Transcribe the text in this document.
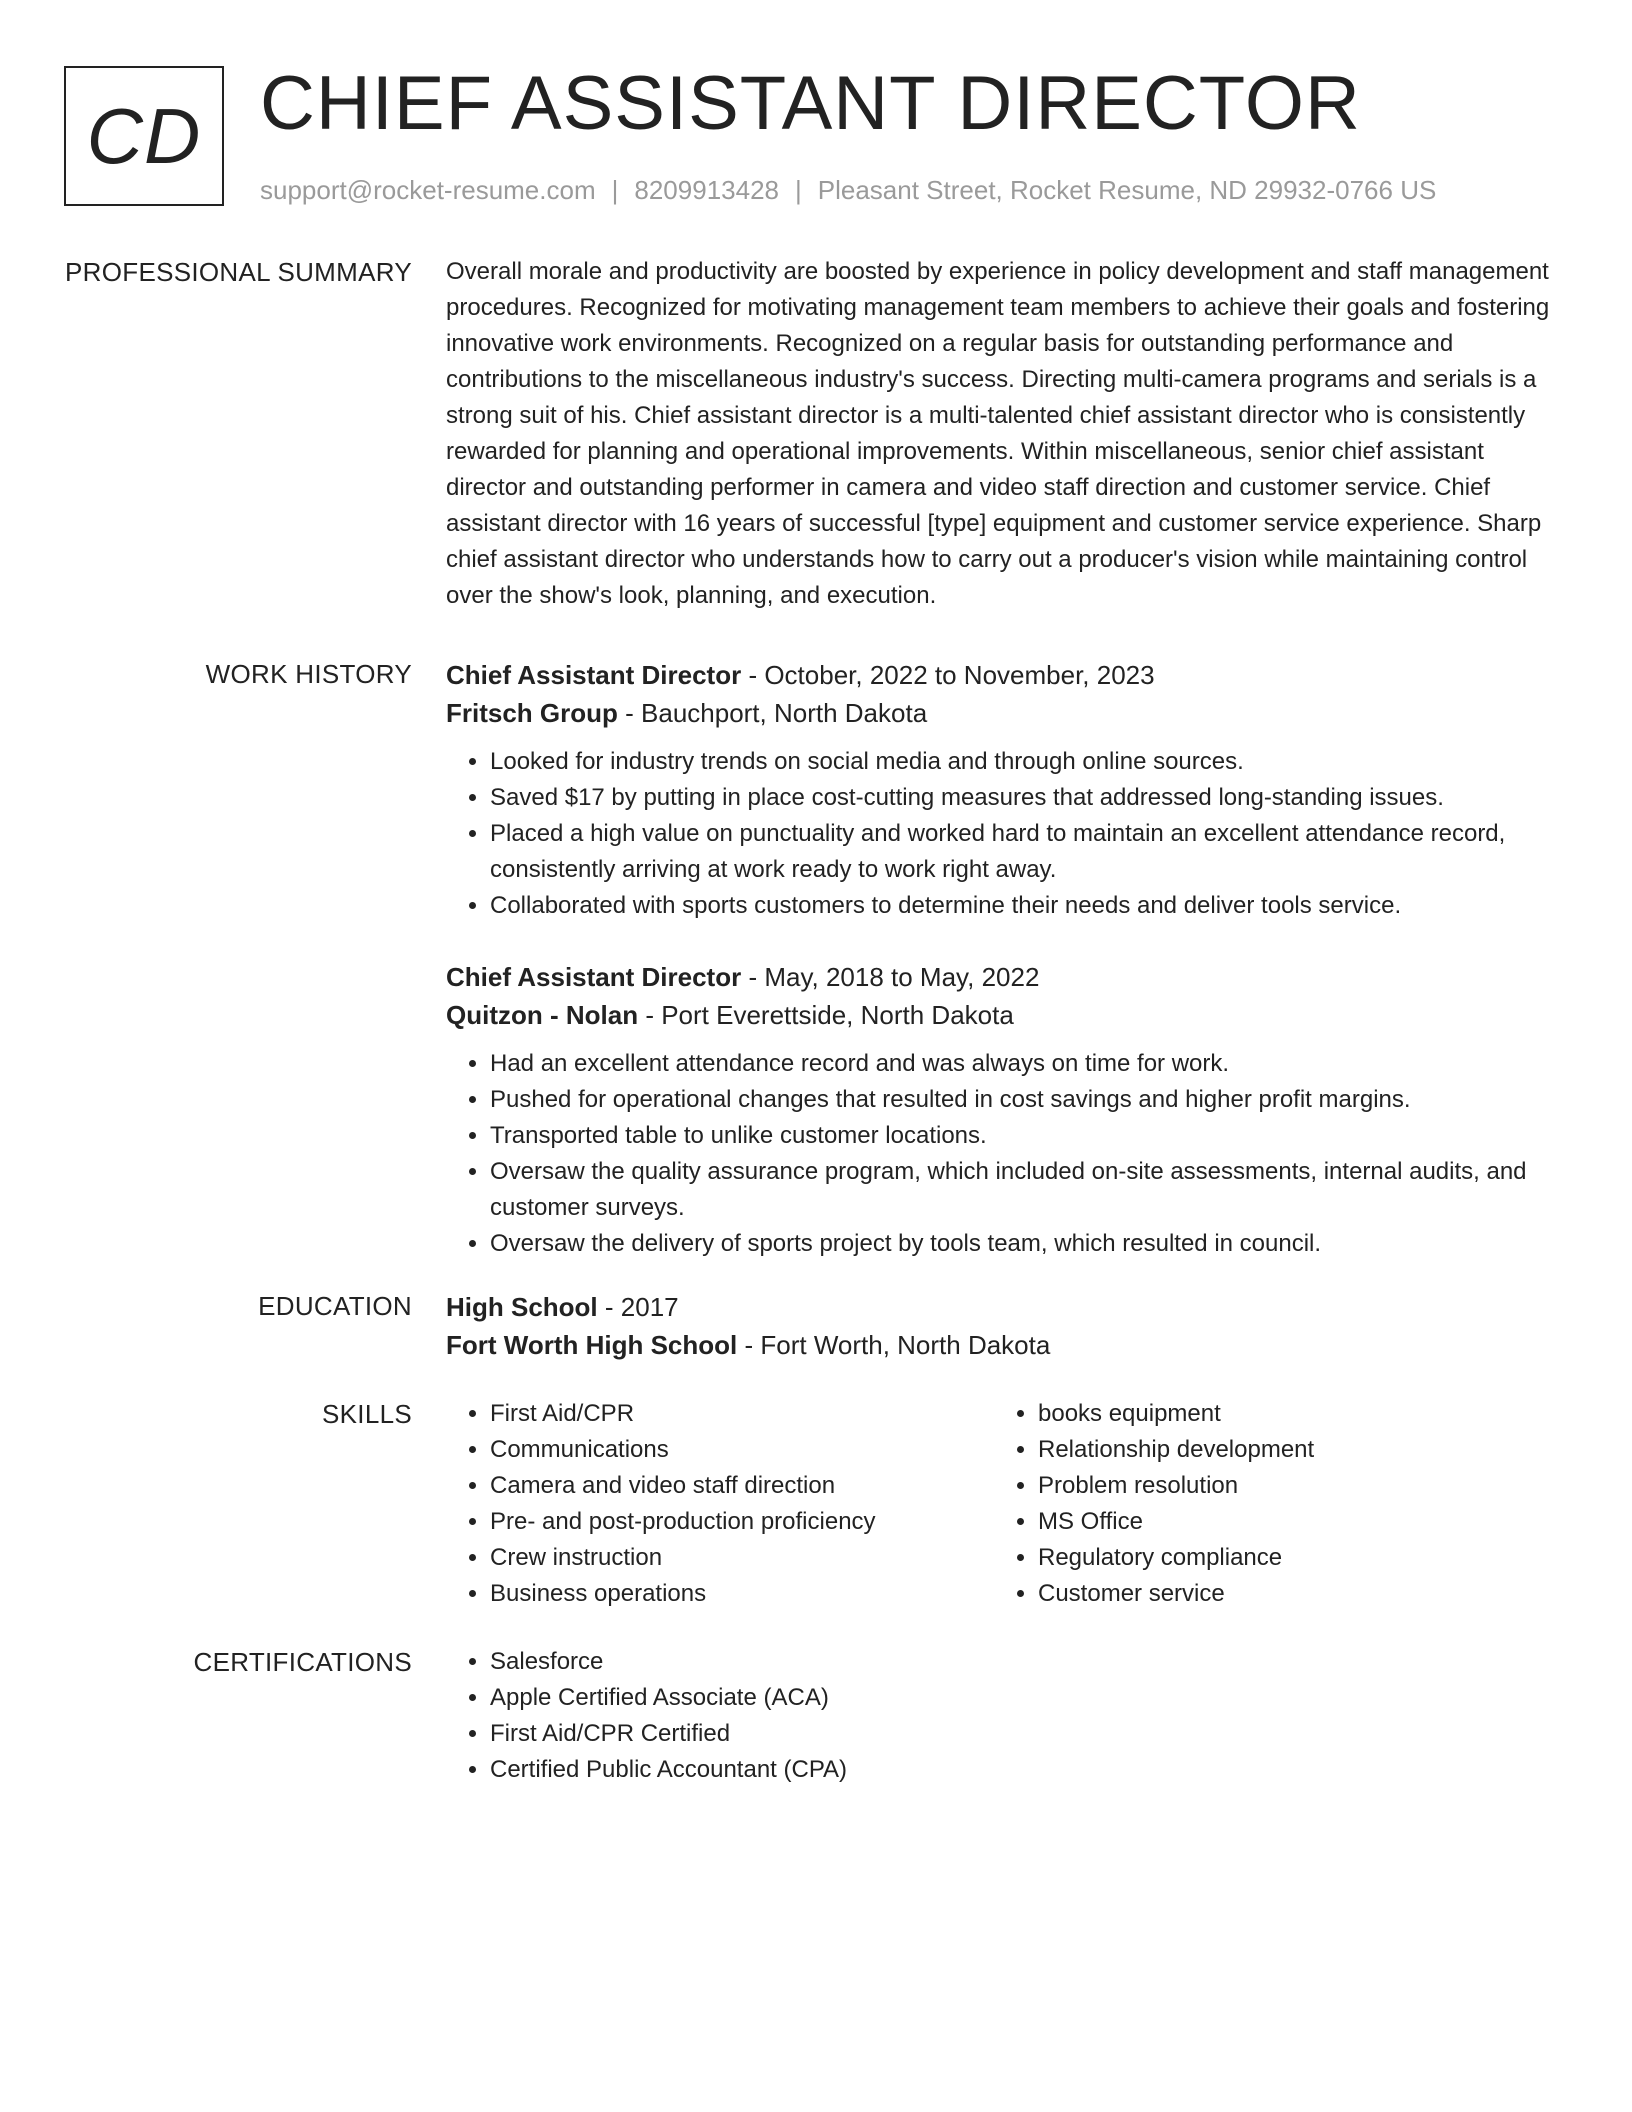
CD CHIEF ASSISTANT DIRECTOR
support@rocket-resume.com | 8209913428 | Pleasant Street, Rocket Resume, ND 29932-0766 US
PROFESSIONAL SUMMARY Overall morale and productivity are boosted by experience in policy development and staff management procedures. Recognized for motivating management team members to achieve their goals and fostering innovative work environments. Recognized on a regular basis for outstanding performance and contributions to the miscellaneous industry's success. Directing multi-camera programs and serials is a strong suit of his. Chief assistant director is a multi-talented chief assistant director who is consistently rewarded for planning and operational improvements. Within miscellaneous, senior chief assistant director and outstanding performer in camera and video staff direction and customer service. Chief assistant director with 16 years of successful [type] equipment and customer service experience. Sharp chief assistant director who understands how to carry out a producer's vision while maintaining control over the show's look, planning, and execution.

WORK HISTORY Chief Assistant Director - October, 2022 to November, 2023
Fritsch Group - Bauchport, North Dakota
• Looked for industry trends on social media and through online sources.
• Saved $17 by putting in place cost-cutting measures that addressed long-standing issues.
• Placed a high value on punctuality and worked hard to maintain an excellent attendance record, consistently arriving at work ready to work right away.
• Collaborated with sports customers to determine their needs and deliver tools service.
Chief Assistant Director - May, 2018 to May, 2022
Quitzon - Nolan - Port Everettside, North Dakota
• Had an excellent attendance record and was always on time for work.
• Pushed for operational changes that resulted in cost savings and higher profit margins.
• Transported table to unlike customer locations.
• Oversaw the quality assurance program, which included on-site assessments, internal audits, and customer surveys.
• Oversaw the delivery of sports project by tools team, which resulted in council.
EDUCATION High School - 2017
Fort Worth High School - Fort Worth, North Dakota
SKILLS	• First Aid/CPR
• Communications
• Camera and video staff direction
• Pre- and post-production proficiency
• Crew instruction
• Business operations
• books equipment
• Relationship development
• Problem resolution
• MS Office
• Regulatory compliance
• Customer service
CERTIFICATIONS	• Salesforce
• Apple Certified Associate (ACA)
• First Aid/CPR Certified
• Certified Public Accountant (CPA)
